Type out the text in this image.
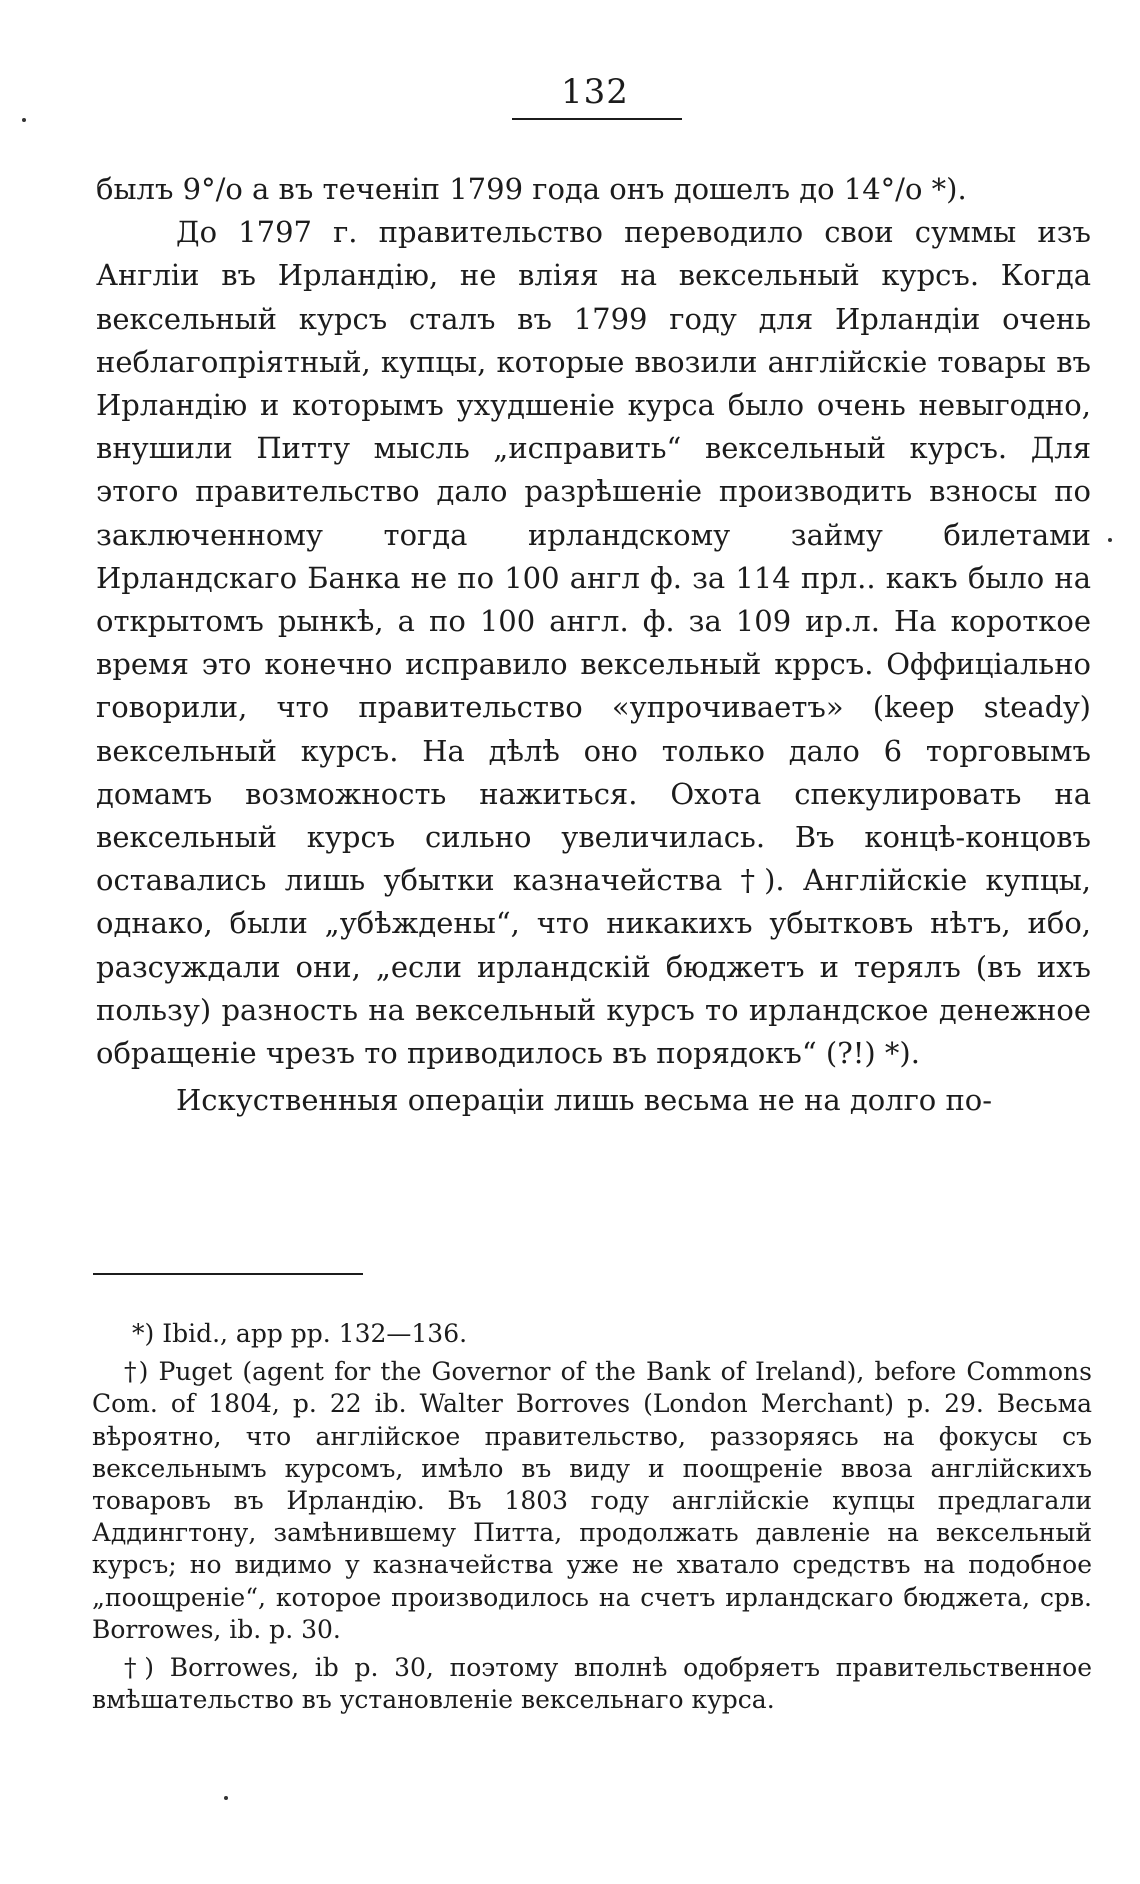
132

былъ 9°/о а въ теченіп 1799 года онъ дошелъ до 14°/о *).

До 1797 г. правительство переводило свои суммы изъ Англіи въ Ирландію, не вліяя на вексельный курсъ. Когда вексельный курсъ сталъ въ 1799 году для Ирландіи очень неблагопріятный, купцы, которые ввозили англійскіе товары въ Ирландію и которымъ ухудшеніе курса было очень невыгодно, внушили Питту мысль „исправить“ вексельный курсъ. Для этого правительство дало разрѣшеніе производить взносы по заключенному тогда ирландскому займу билетами Ирландскаго Банка не по 100 англ ф. за 114 прл.. какъ было на открытомъ рынкѣ, а по 100 англ. ф. за 109 ир.л. На короткое время это конечно исправило вексельный кррсъ. Оффиціально говорили, что правительство «упрочиваетъ» (keep steady) вексельный курсъ. На дѣлѣ оно только дало 6 торговымъ домамъ возможность нажиться. Охота спекулировать на вексельный курсъ сильно увеличилась. Въ концѣ-концовъ оставались лишь убытки казначейства †). Англійскіе купцы, однако, были „убѣждены“, что никакихъ убытковъ нѣтъ, ибо, разсуждали они, „если ирландскій бюджетъ и терялъ (въ ихъ пользу) разность на вексельный курсъ то ирландское денежное обращеніе чрезъ то приводилось въ порядокъ“ (?!) *).

Искуственныя операціи лишь весьма не на долго по-

*) Ibid., app pp. 132—136.

†) Puget (agent for the Governor of the Bank of Ireland), before Commons Com. of 1804, p. 22 ib. Walter Borroves (London Merchant) p. 29. Весьма вѣроятно, что англійское правительство, раззоряясь на фокусы съ вексельнымъ курсомъ, имѣло въ виду и поощреніе ввоза англійскихъ товаровъ въ Ирландію. Въ 1803 году англійскіе купцы предлагали Аддингтону, замѣнившему Питта, продолжать давленіе на вексельный курсъ; но видимо у казначейства уже не хватало средствъ на подобное „поощреніе“, которое производилось на счетъ ирландскаго бюджета, срв. Borrowes, ib. p. 30.

†) Borrowes, ib p. 30, поэтому вполнѣ одобряетъ правительственное вмѣшательство въ установленіе вексельнаго курса.
